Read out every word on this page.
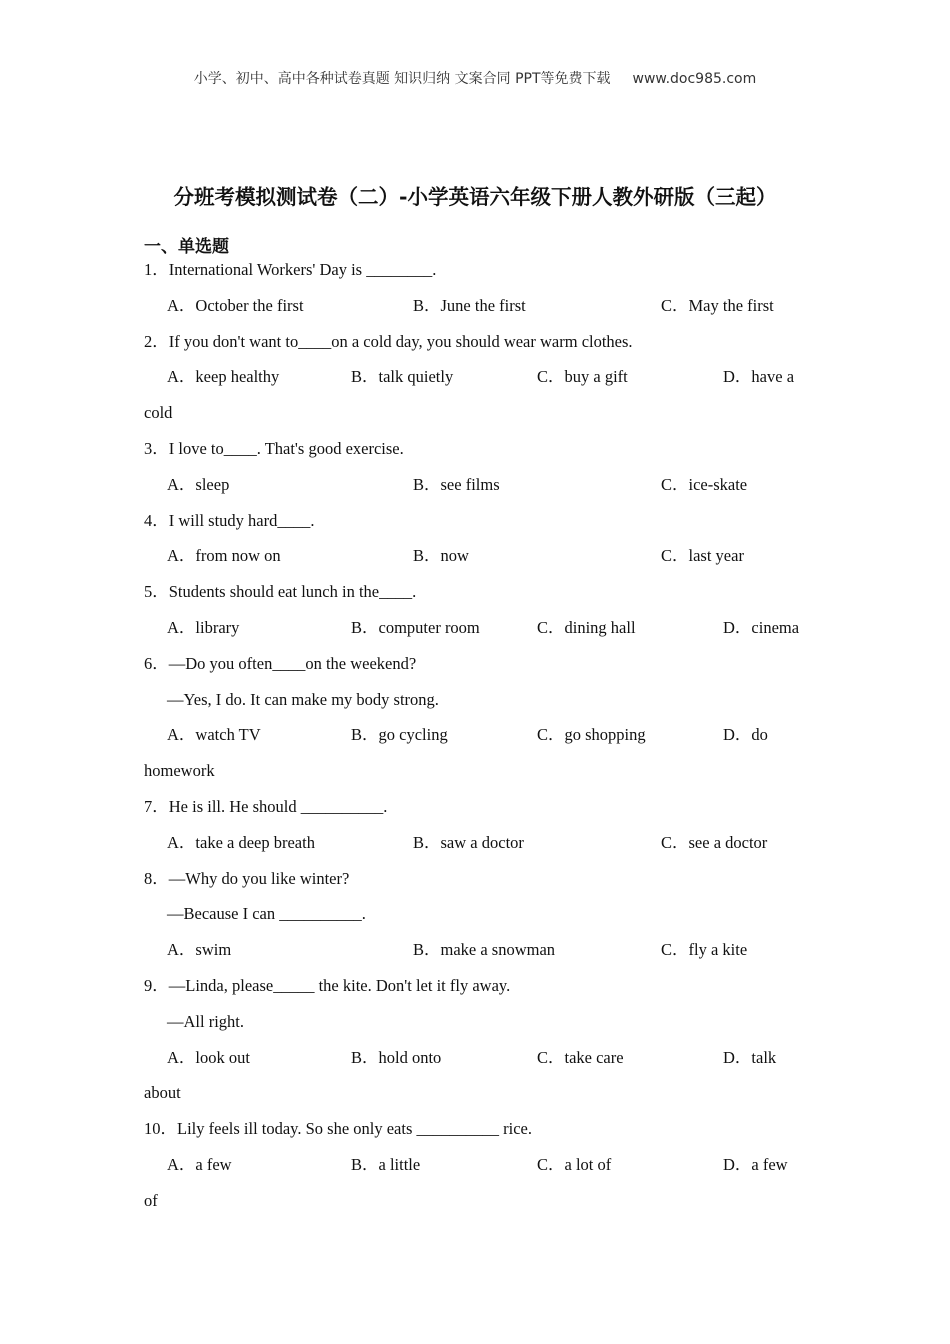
小学、初中、高中各种试卷真题 知识归纳 文案合同 PPT等免费下载 www.doc985.com
分班考模拟测试卷（二）-小学英语六年级下册人教外研版（三起）
一、单选题
1．International Workers' Day is ________.
A．October the first	B．June the first	C．May the first
2．If you don't want to____on a cold day, you should wear warm clothes.
A．keep healthy	B．talk quietly	C．buy a gift	D．have a
cold
3．I love to____. That's good exercise.
A．sleep	B．see films	C．ice-skate
4．I will study hard____.
A．from now on	B．now	C．last year
5．Students should eat lunch in the____.
A．library	B．computer room	C．dining hall	D．cinema
6．—Do you often____on the weekend?
—Yes, I do. It can make my body strong.
A．watch TV	B．go cycling	C．go shopping	D．do
homework
7．He is ill. He should __________.
A．take a deep breath	B．saw a doctor	C．see a doctor
8．—Why do you like winter?
—Because I can __________.
A．swim	B．make a snowman	C．fly a kite
9．—Linda, please_____ the kite. Don't let it fly away.
—All right.
A．look out	B．hold onto	C．take care	D．talk
about
10．Lily feels ill today. So she only eats __________ rice.
A．a few	B．a little	C．a lot of	D．a few
of
